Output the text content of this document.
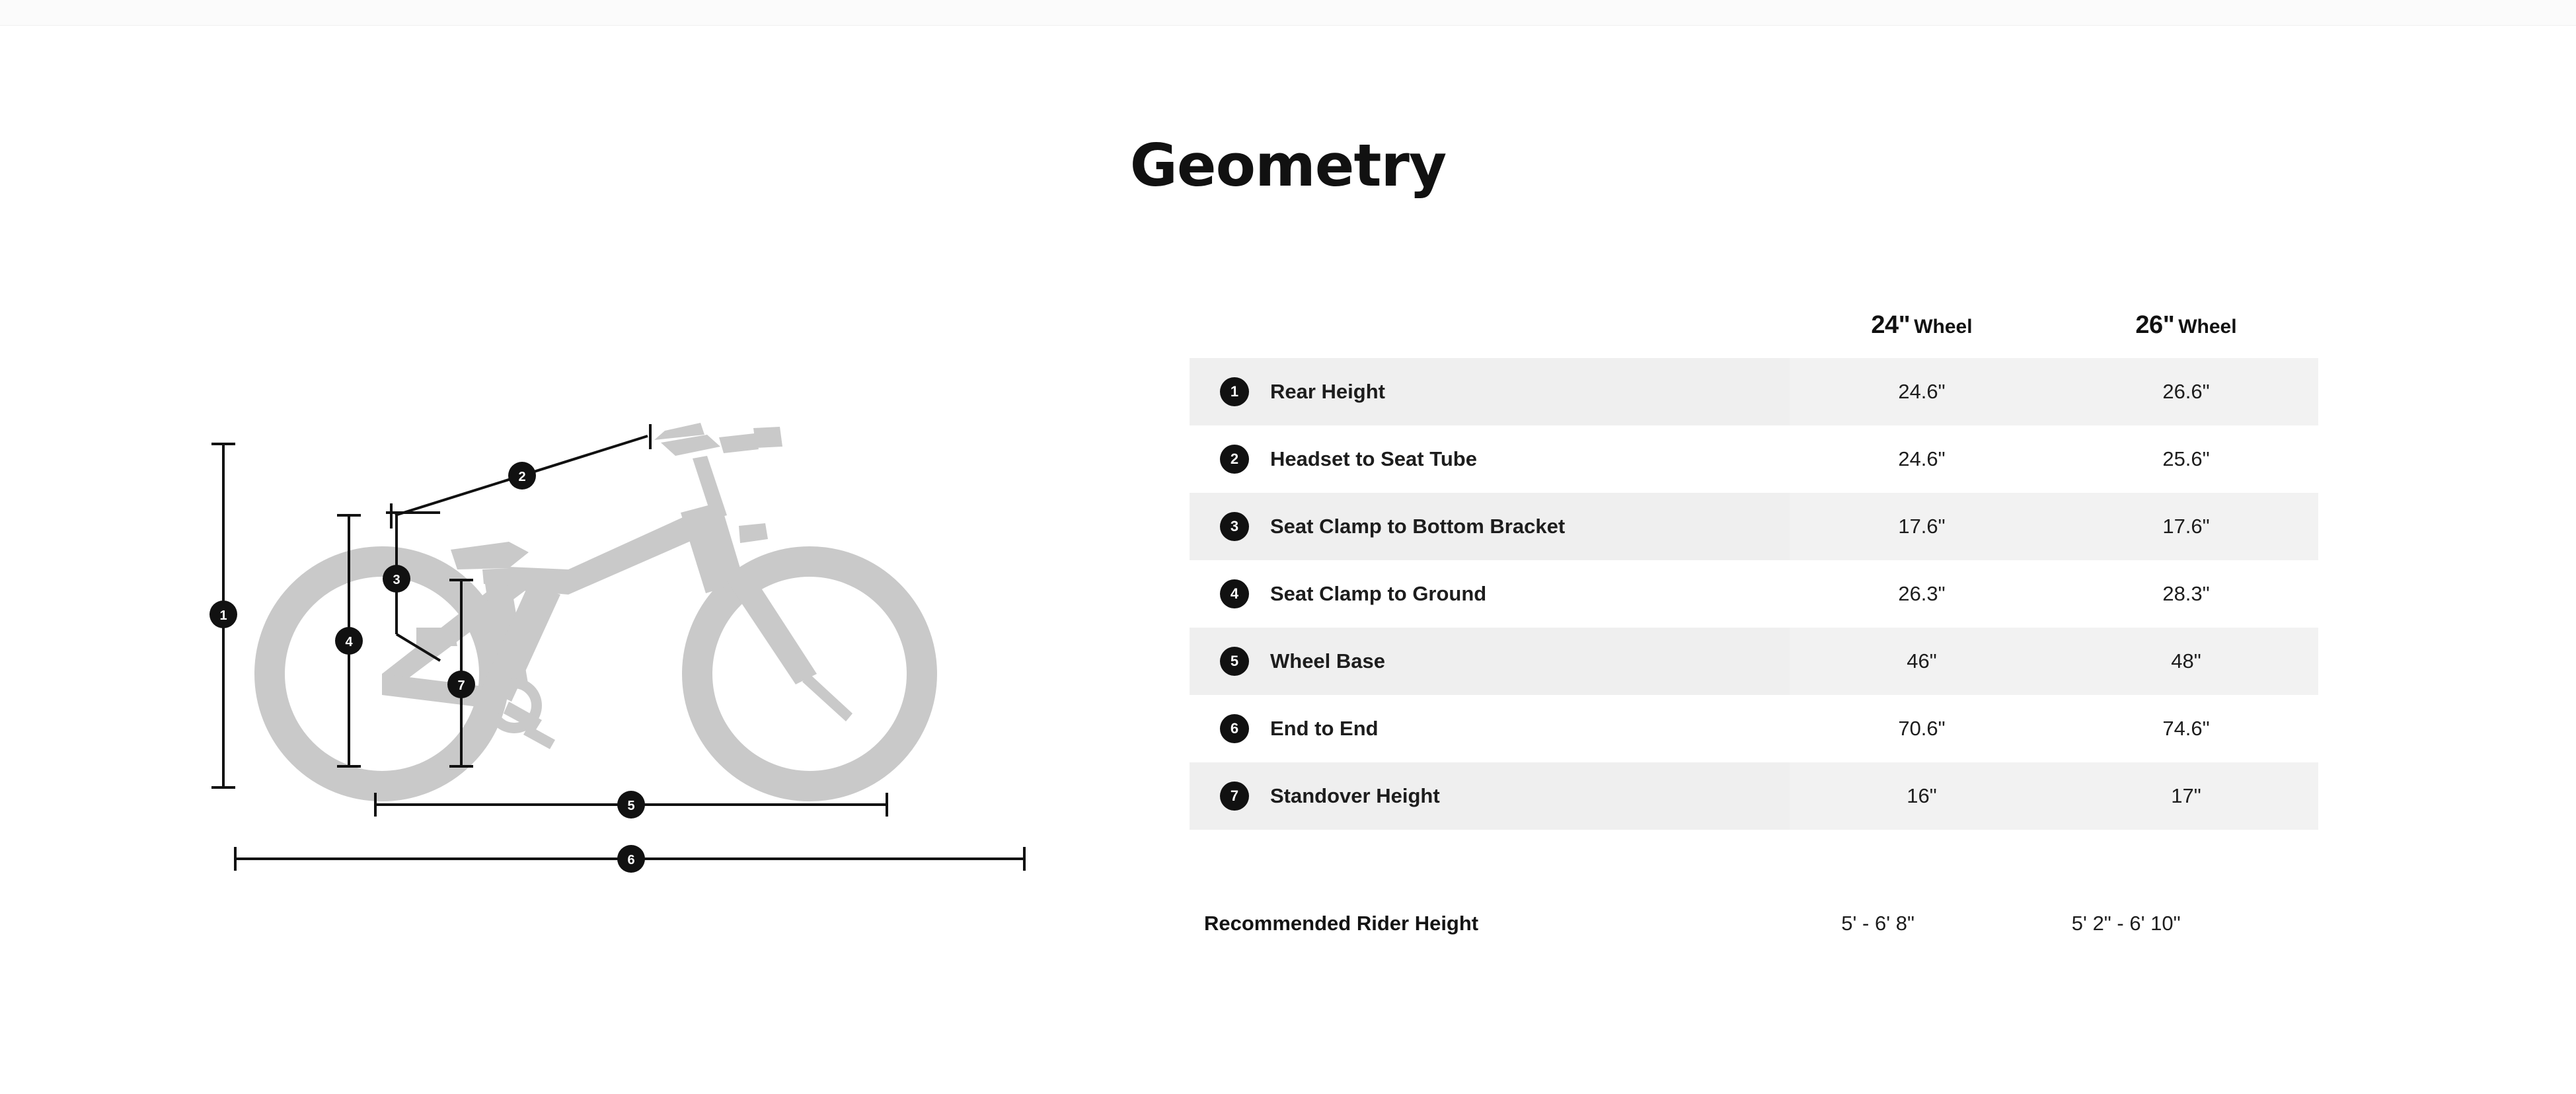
Geometry
1
2
3
4
7
5
6
		24" Wheel	26" Wheel
1	Rear Height	24.6"	26.6"
2	Headset to Seat Tube	24.6"	25.6"
3	Seat Clamp to Bottom Bracket	17.6"	17.6"
4	Seat Clamp to Ground	26.3"	28.3"
5	Wheel Base	46"	48"
6	End to End	70.6"	74.6"
7	Standover Height	16"	17"
Recommended Rider Height	5' - 6' 8"	5' 2" - 6' 10"
